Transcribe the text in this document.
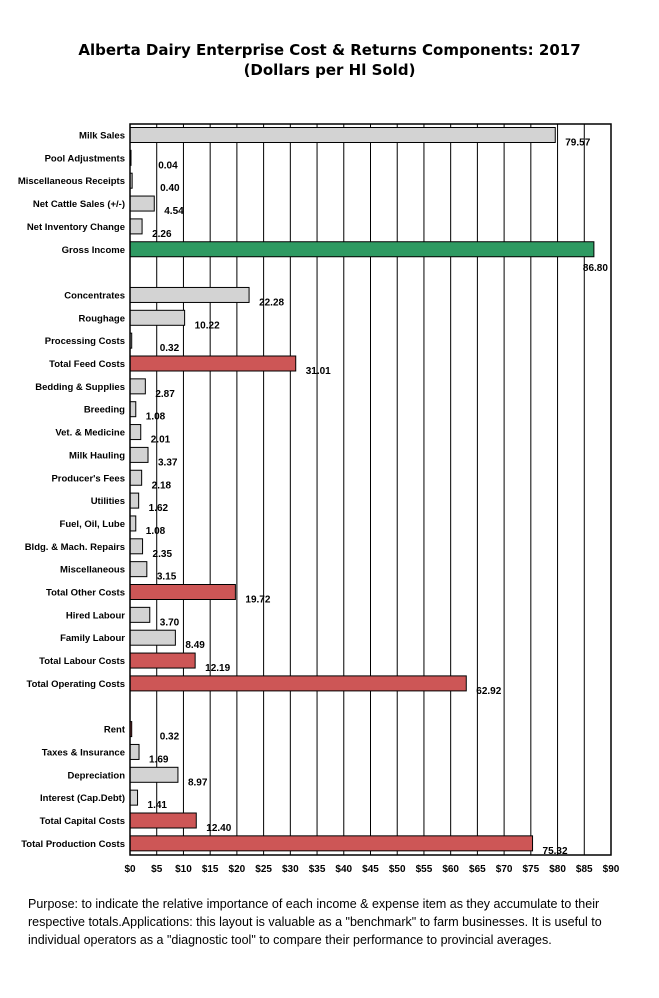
Alberta Dairy Enterprise Cost & Returns Components: 2017
(Dollars per Hl Sold)
Milk Sales
79.57
Pool Adjustments
0.04
Miscellaneous Receipts
0.40
Net Cattle Sales (+/-)
4.54
Net Inventory Change
2.26
Gross Income
86.80
Concentrates
22.28
Roughage
10.22
Processing Costs
0.32
Total Feed Costs
31.01
Bedding & Supplies
2.87
Breeding
1.08
Vet. & Medicine
2.01
Milk Hauling
3.37
Producer's Fees
2.18
Utilities
1.62
Fuel, Oil, Lube
1.08
Bldg. & Mach. Repairs
2.35
Miscellaneous
3.15
Total Other Costs
19.72
Hired Labour
3.70
Family Labour
8.49
Total Labour Costs
12.19
Total Operating Costs
62.92
Rent
0.32
Taxes & Insurance
1.69
Depreciation
8.97
Interest (Cap.Debt)
1.41
Total Capital Costs
12.40
Total Production Costs
75.32
$0 $5 $10 $15 $20 $25 $30 $35 $40 $45 $50 $55 $60 $65 $70 $75 $80 $85 $90
Purpose: to indicate the relative importance of each income & expense item as they accumulate to their respective totals.Applications: this layout is valuable as a "benchmark" to farm businesses. It is useful to individual operators as a "diagnostic tool" to compare their performance to provincial averages.
